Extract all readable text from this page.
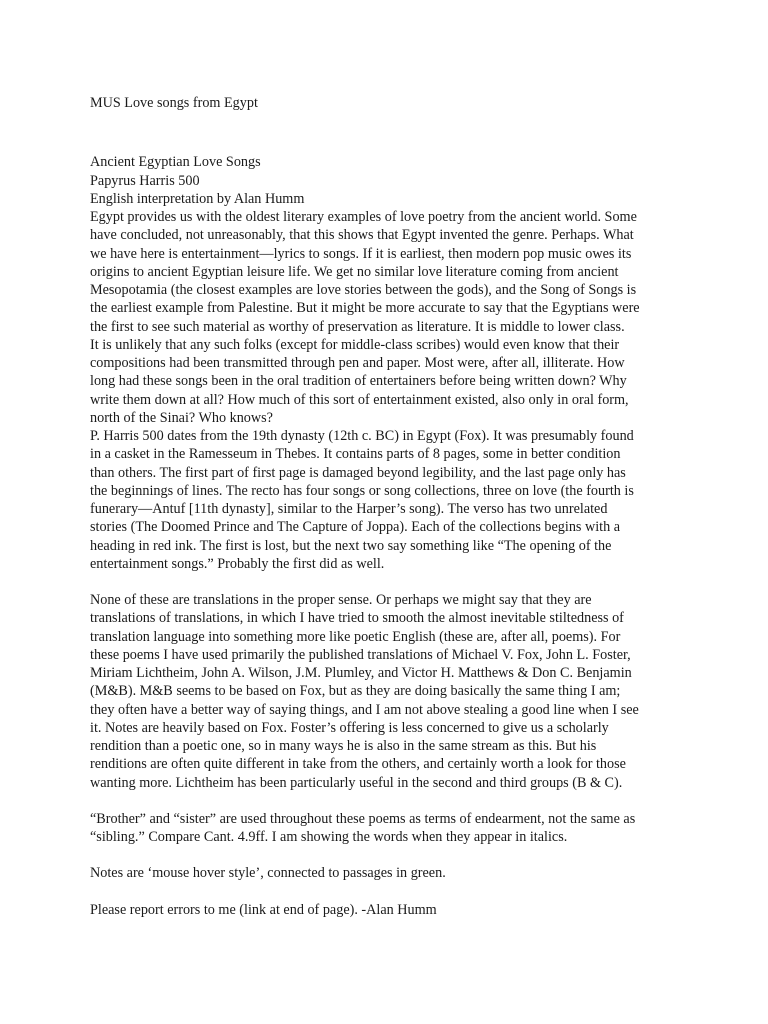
MUS Love songs from Egypt
Ancient Egyptian Love Songs
Papyrus Harris 500
English interpretation by Alan Humm

Egypt provides us with the oldest literary examples of love poetry from the ancient world. Some
have concluded, not unreasonably, that this shows that Egypt invented the genre. Perhaps. What
we have here is entertainment—lyrics to songs. If it is earliest, then modern pop music owes its
origins to ancient Egyptian leisure life. We get no similar love literature coming from ancient
Mesopotamia (the closest examples are love stories between the gods), and the Song of Songs is
the earliest example from Palestine. But it might be more accurate to say that the Egyptians were
the first to see such material as worthy of preservation as literature. It is middle to lower class.
It is unlikely that any such folks (except for middle-class scribes) would even know that their
compositions had been transmitted through pen and paper. Most were, after all, illiterate. How
long had these songs been in the oral tradition of entertainers before being written down? Why
write them down at all? How much of this sort of entertainment existed, also only in oral form,
north of the Sinai? Who knows?

P. Harris 500 dates from the 19th dynasty (12th c. BC) in Egypt (Fox). It was presumably found
in a casket in the Ramesseum in Thebes. It contains parts of 8 pages, some in better condition
than others. The first part of first page is damaged beyond legibility, and the last page only has
the beginnings of lines. The recto has four songs or song collections, three on love (the fourth is
funerary—Antuf [11th dynasty], similar to the Harper’s song). The verso has two unrelated
stories (The Doomed Prince and The Capture of Joppa). Each of the collections begins with a
heading in red ink. The first is lost, but the next two say something like “The opening of the
entertainment songs.” Probably the first did as well.

None of these are translations in the proper sense. Or perhaps we might say that they are
translations of translations, in which I have tried to smooth the almost inevitable stiltedness of
translation language into something more like poetic English (these are, after all, poems). For
these poems I have used primarily the published translations of Michael V. Fox, John L. Foster,
Miriam Lichtheim, John A. Wilson, J.M. Plumley, and Victor H. Matthews & Don C. Benjamin
(M&B). M&B seems to be based on Fox, but as they are doing basically the same thing I am;
they often have a better way of saying things, and I am not above stealing a good line when I see
it. Notes are heavily based on Fox. Foster’s offering is less concerned to give us a scholarly
rendition than a poetic one, so in many ways he is also in the same stream as this. But his
renditions are often quite different in take from the others, and certainly worth a look for those
wanting more. Lichtheim has been particularly useful in the second and third groups (B & C).

“Brother” and “sister” are used throughout these poems as terms of endearment, not the same as
“sibling.” Compare Cant. 4.9ff. I am showing the words when they appear in italics.

Notes are ‘mouse hover style’, connected to passages in green.

Please report errors to me (link at end of page). -Alan Humm
